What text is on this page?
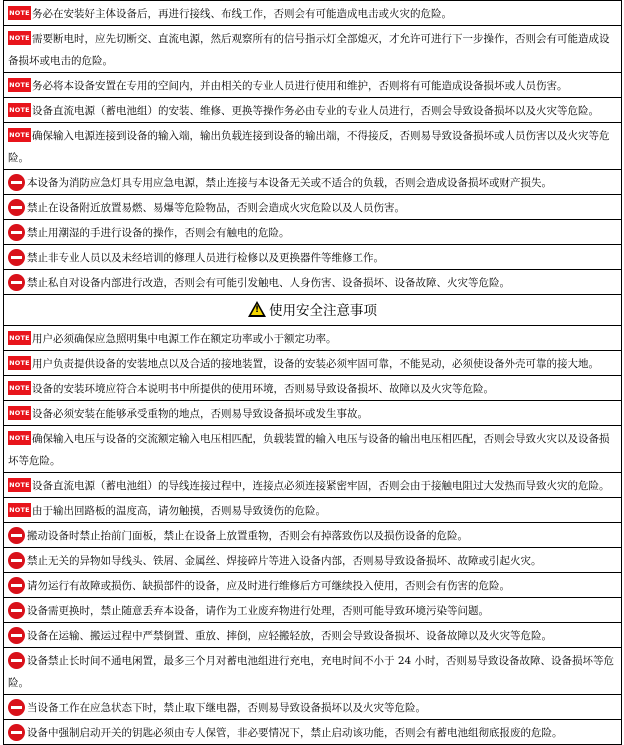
NOTE 务必在安装好主体设备后，再进行接线、布线工作，否则会有可能造成电击或火灾的危险。
NOTE 需要断电时，应先切断交、直流电源，然后观察所有的信号指示灯全部熄灭，才允许可进行下一步操作，否则会有可能造成设备损坏或电击的危险。
NOTE 务必将本设备安置在专用的空间内，并由相关的专业人员进行使用和维护，否则将有可能造成设备损坏或人员伤害。
NOTE 设备直流电源（蓄电池组）的安装、维修、更换等操作务必由专业的专业人员进行，否则会导致设备损坏以及火灾等危险。
NOTE 确保输入电源连接到设备的输入端，输出负载连接到设备的输出端，不得接反，否则易导致设备损坏或人员伤害以及火灾等危险。
本设备为消防应急灯具专用应急电源，禁止连接与本设备无关或不适合的负载，否则会造成设备损坏或财产损失。
禁止在设备附近放置易燃、易爆等危险物品，否则会造成火灾危险以及人员伤害。
禁止用潮湿的手进行设备的操作，否则会有触电的危险。
禁止非专业人员以及未经培训的修理人员进行检修以及更换器件等维修工作。
禁止私自对设备内部进行改造，否则会有可能引发触电、人身伤害、设备损坏、设备故障、火灾等危险。
!使用安全注意事项
NOTE 用户必须确保应急照明集中电源工作在额定功率或小于额定功率。
NOTE 用户负责提供设备的安装地点以及合适的接地装置，设备的安装必须牢固可靠，不能晃动，必须使设备外壳可靠的接大地。
NOTE 设备的安装环境应符合本说明书中所提供的使用环境，否则易导致设备损坏、故障以及火灾等危险。
NOTE 设备必须安装在能够承受重物的地点，否则易导致设备损坏或发生事故。
NOTE 确保输入电压与设备的交流额定输入电压相匹配，负载装置的输入电压与设备的输出电压相匹配，否则会导致火灾以及设备损坏等危险。
NOTE 设备直流电源（蓄电池组）的导线连接过程中，连接点必须连接紧密牢固，否则会由于接触电阻过大发热而导致火灾的危险。
NOTE 由于输出回路板的温度高，请勿触摸，否则易导致烫伤的危险。
搬动设备时禁止抬前门面板，禁止在设备上放置重物，否则会有掉落致伤以及损伤设备的危险。
禁止无关的异物如导线头、铁屑、金属丝、焊接碎片等进入设备内部，否则易导致设备损坏、故障或引起火灾。
请勿运行有故障或损伤、缺损部件的设备，应及时进行维修后方可继续投入使用，否则会有伤害的危险。
设备需更换时，禁止随意丢弃本设备，请作为工业废弃物进行处理，否则可能导致环境污染等问题。
设备在运输、搬运过程中严禁倒置、重放、摔倒，应轻搬轻放，否则会导致设备损坏、设备故障以及火灾等危险。
设备禁止长时间不通电闲置，最多三个月对蓄电池组进行充电，充电时间不小于 24 小时，否则易导致设备故障、设备损坏等危险。
当设备工作在应急状态下时，禁止取下继电器，否则易导致设备损坏以及火灾等危险。
设备中强制启动开关的钥匙必须由专人保管，非必要情况下，禁止启动该功能，否则会有蓄电池组彻底报废的危险。
